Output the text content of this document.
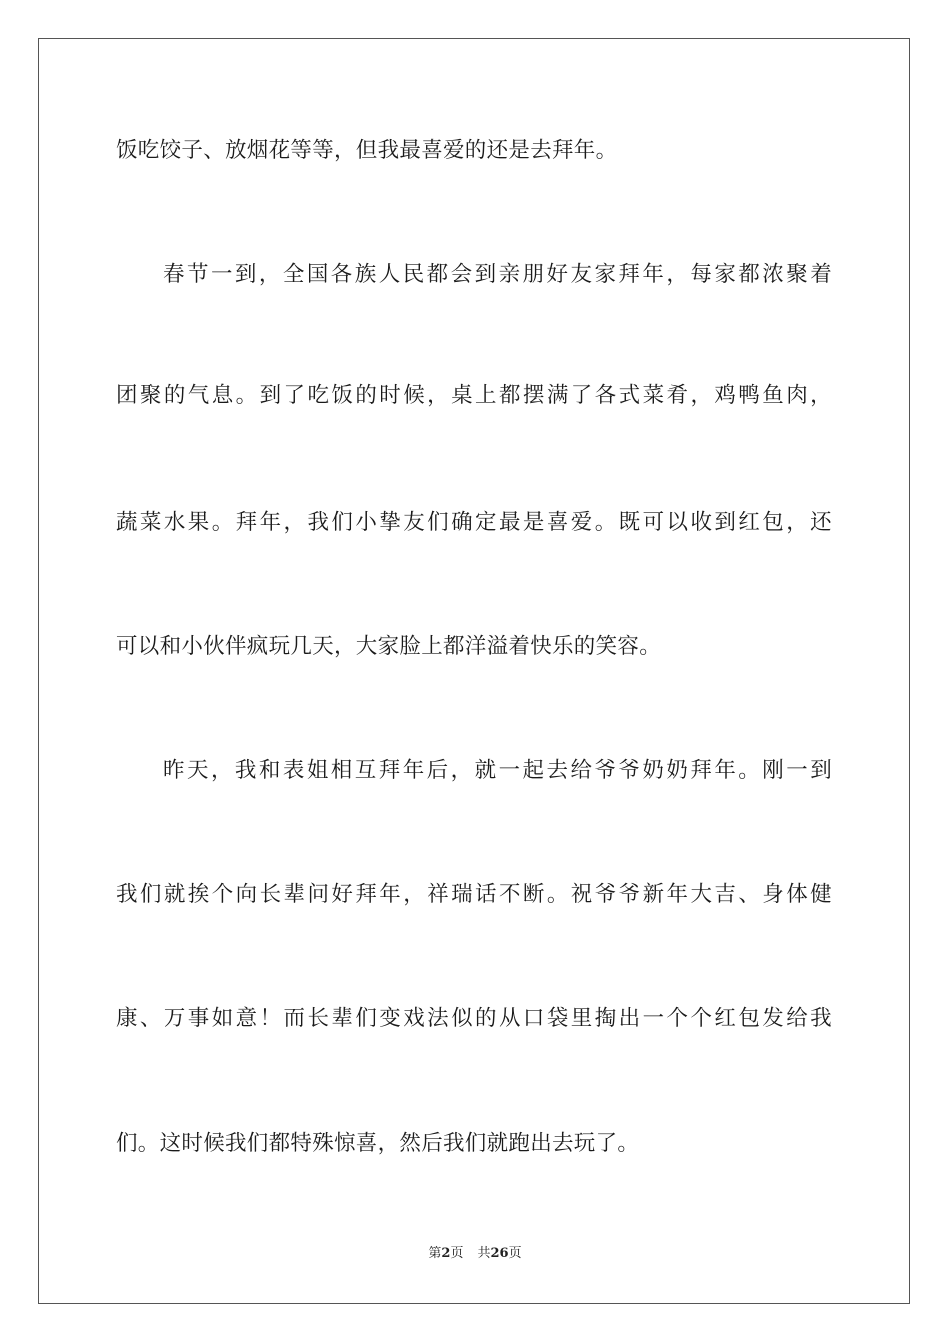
饭吃饺子、放烟花等等，但我最喜爱的还是去拜年。
春节一到，全国各族人民都会到亲朋好友家拜年，每家都浓聚着
团聚的气息。到了吃饭的时候，桌上都摆满了各式菜肴，鸡鸭鱼肉，
蔬菜水果。拜年，我们小挚友们确定最是喜爱。既可以收到红包，还
可以和小伙伴疯玩几天，大家脸上都洋溢着快乐的笑容。
昨天，我和表姐相互拜年后，就一起去给爷爷奶奶拜年。刚一到
我们就挨个向长辈问好拜年，祥瑞话不断。祝爷爷新年大吉、身体健
康、万事如意！而长辈们变戏法似的从口袋里掏出一个个红包发给我
们。这时候我们都特殊惊喜，然后我们就跑出去玩了。
第2页 共26页
